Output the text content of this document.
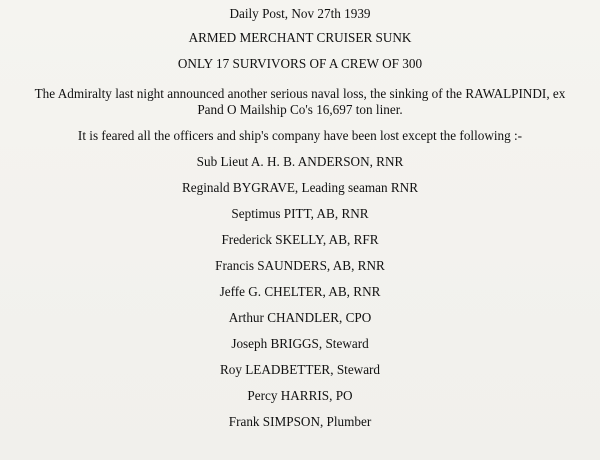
Daily Post, Nov 27th 1939

ARMED MERCHANT CRUISER SUNK

ONLY 17 SURVIVORS OF A CREW OF 300

The Admiralty last night announced another serious naval loss, the sinking of the RAWALPINDI, ex

Pand O Mailship Co's 16,697 ton liner.

It is feared all the officers and ship's company have been lost except the following :-

Sub Lieut A. H. B. ANDERSON, RNR

Reginald BYGRAVE, Leading seaman RNR

Septimus PITT, AB, RNR

Frederick SKELLY, AB, RFR

Francis SAUNDERS, AB, RNR

Jeffe G. CHELTER, AB, RNR

Arthur CHANDLER, CPO

Joseph BRIGGS, Steward

Roy LEADBETTER, Steward

Percy HARRIS, PO

Frank SIMPSON, Plumber
